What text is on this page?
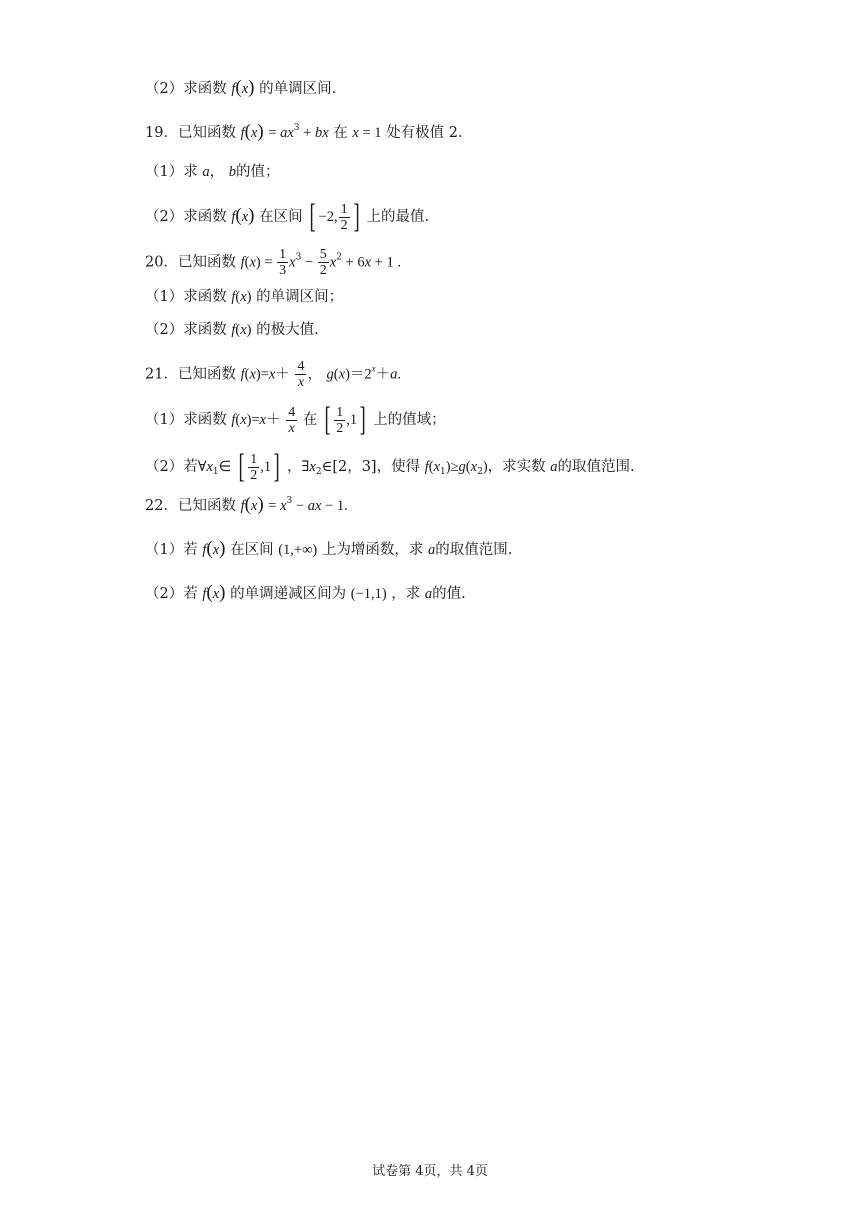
（2）求函数 f(x) 的单调区间.
19．已知函数 $f(x) = ax^3$ + bx 在 x = 1 处有极值 2．
（1）求 a， b的值；
（2）求函数 f(x) 在区间 [ −2, $\frac{1}{2}$ ] 上的最值.
20．已知函数 $f(x) = \frac{1}{3} x^3 - \frac{5}{2} x^2 + 6x + 1$ .
（1）求函数 f(x) 的单调区间；
（2）求函数 f(x) 的极大值.
21．已知函数 $f(x)=x+ \frac{4}{x}$ ， $g(x)=2^x+a$.
（1）求函数 $f(x)=x+ \frac{4}{x}$ 在 [ $\frac{1}{2} ,1$] 上的值域；
（2）若$\forall x_1\in$ [ $\frac{1}{2} ,1$] ，$\exists x_2\in[2$，3]，使得 $f(x_1)\ge g(x_2)$，求实数 a的取值范围.
22．已知函数 $f(x) = x^3$ − ax − 1.
（1）若 f(x) 在区间 (1,+∞) 上为增函数，求 a的取值范围.
（2）若 f(x) 的单调递减区间为 (−1,1) ，求 a的值.
试卷第 4页，共 4页
